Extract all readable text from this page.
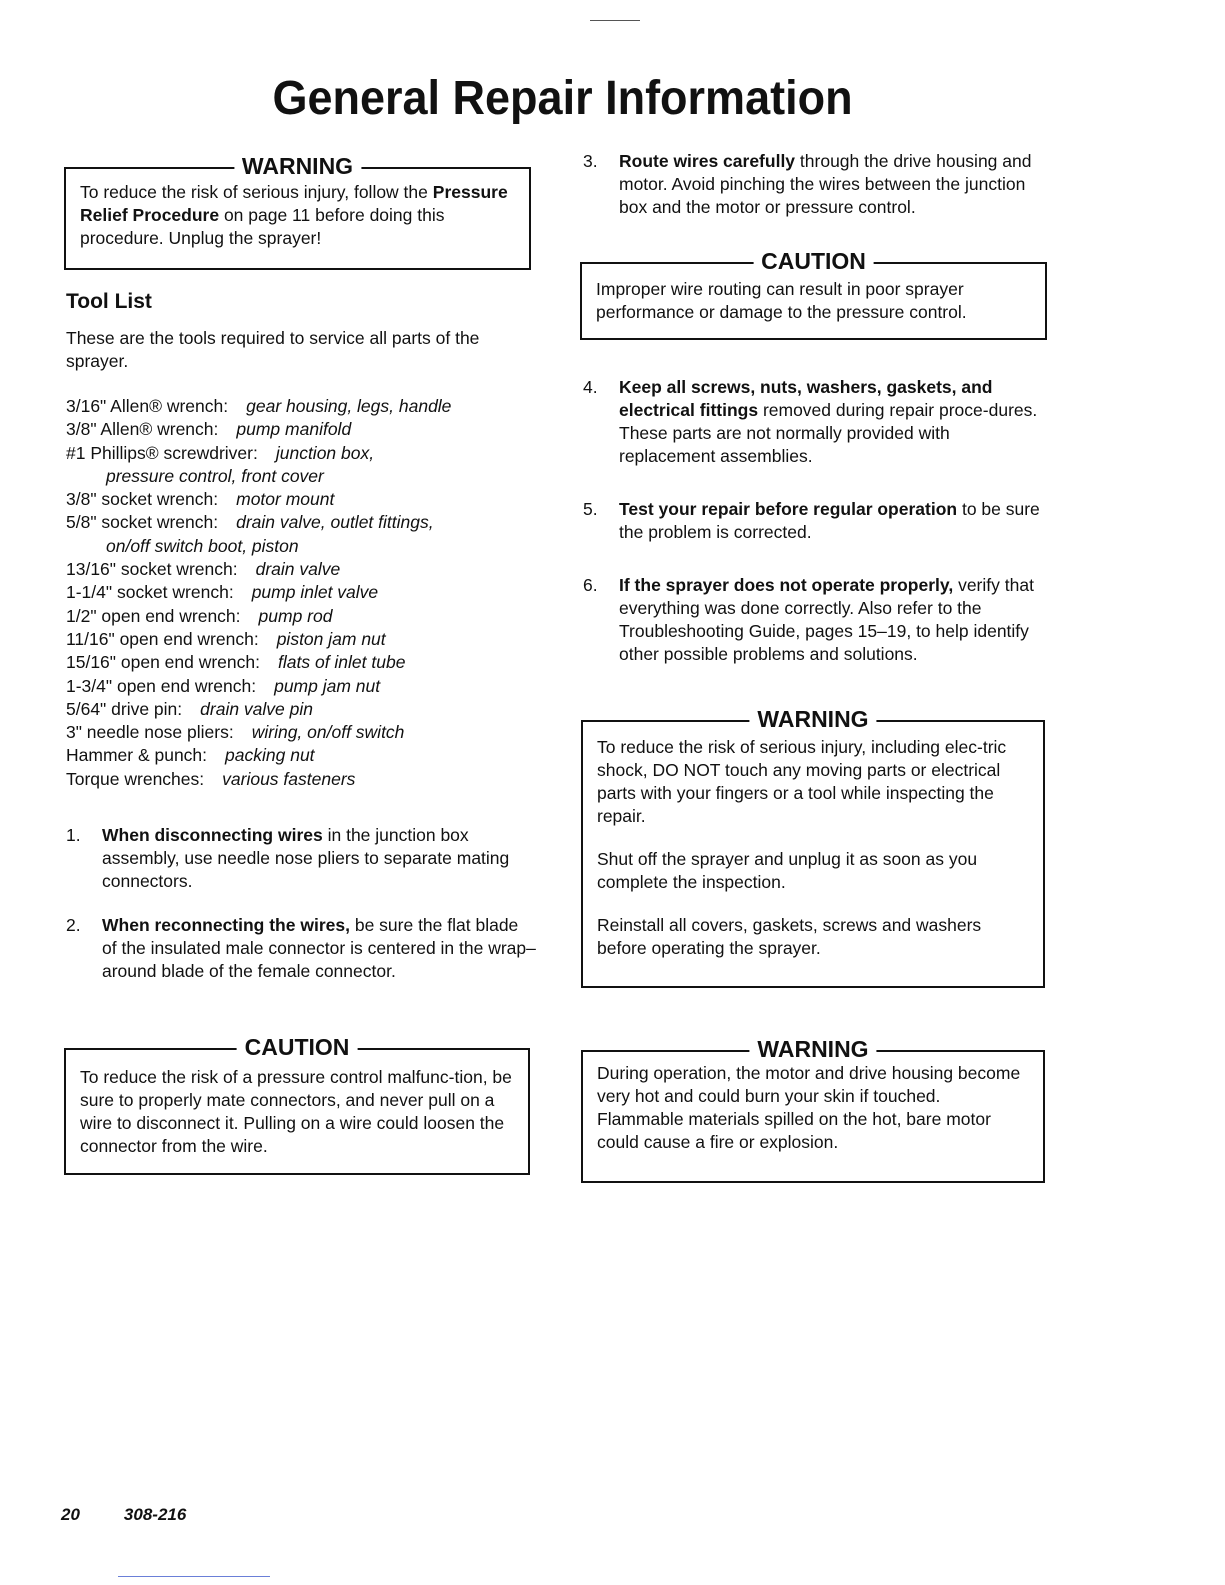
General Repair Information
WARNING

To reduce the risk of serious injury, follow the Pressure Relief Procedure on page 11 before doing this procedure. Unplug the sprayer!

Tool List

These are the tools required to service all parts of the sprayer.

3/16" Allen® wrench: gear housing, legs, handle
3/8" Allen® wrench: pump manifold
#1 Phillips® screwdriver: junction box,
pressure control, front cover
3/8" socket wrench: motor mount
5/8" socket wrench: drain valve, outlet fittings,
on/off switch boot, piston
13/16" socket wrench: drain valve
1-1/4" socket wrench: pump inlet valve
1/2" open end wrench: pump rod
11/16" open end wrench: piston jam nut
15/16" open end wrench: flats of inlet tube
1-3/4" open end wrench: pump jam nut
5/64" drive pin: drain valve pin
3" needle nose pliers: wiring, on/off switch
Hammer & punch: packing nut
Torque wrenches: various fasteners
1. When disconnecting wires in the junction box assembly, use needle nose pliers to separate mating connectors.
2. When reconnecting the wires, be sure the flat blade of the insulated male connector is centered in the wrap–around blade of the female connector.
CAUTION

To reduce the risk of a pressure control malfunc-tion, be sure to properly mate connectors, and never pull on a wire to disconnect it. Pulling on a wire could loosen the connector from the wire.

3. Route wires carefully through the drive housing and motor. Avoid pinching the wires between the junction box and the motor or pressure control.
CAUTION

Improper wire routing can result in poor sprayer performance or damage to the pressure control.

4. Keep all screws, nuts, washers, gaskets, and electrical fittings removed during repair proce-dures. These parts are not normally provided with replacement assemblies.
5. Test your repair before regular operation to be sure the problem is corrected.
6. If the sprayer does not operate properly, verify that everything was done correctly. Also refer to the Troubleshooting Guide, pages 15–19, to help identify other possible problems and solutions.
WARNING

To reduce the risk of serious injury, including elec-tric shock, DO NOT touch any moving parts or electrical parts with your fingers or a tool while inspecting the repair.

Shut off the sprayer and unplug it as soon as you complete the inspection.

Reinstall all covers, gaskets, screws and washers before operating the sprayer.

WARNING

During operation, the motor and drive housing become very hot and could burn your skin if touched. Flammable materials spilled on the hot, bare motor could cause a fire or explosion.

20	308-216
